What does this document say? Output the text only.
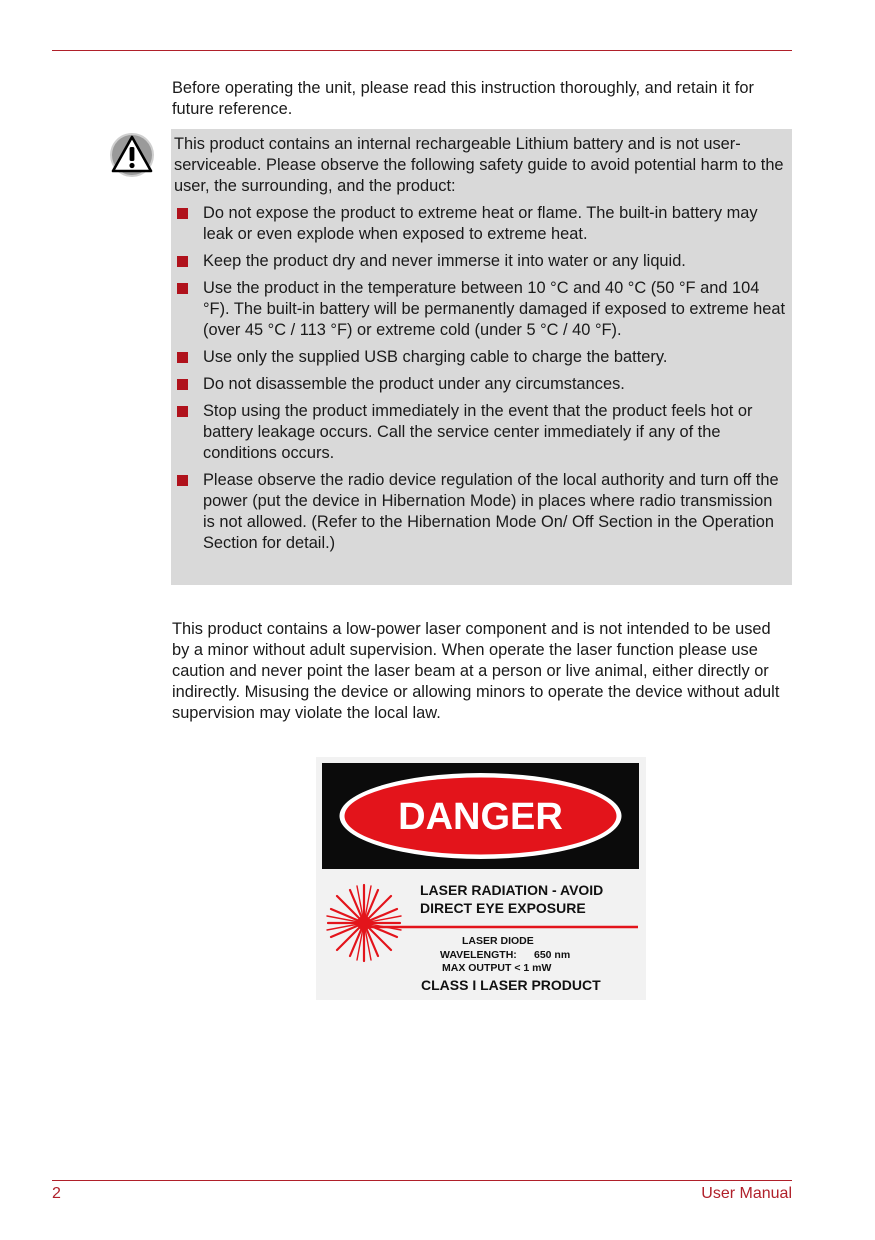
Before operating the unit, please read this instruction thoroughly, and retain it for future reference.

This product contains an internal rechargeable Lithium battery and is not user-serviceable. Please observe the following safety guide to avoid potential harm to the user, the surrounding, and the product:

Do not expose the product to extreme heat or flame. The built-in battery may leak or even explode when exposed to extreme heat.
Keep the product dry and never immerse it into water or any liquid.
Use the product in the temperature between 10 °C and 40 °C (50 °F and 104 °F). The built-in battery will be permanently damaged if exposed to extreme heat (over 45 °C / 113 °F) or extreme cold (under 5 °C / 40 °F).
Use only the supplied USB charging cable to charge the battery.
Do not disassemble the product under any circumstances.
Stop using the product immediately in the event that the product feels hot or battery leakage occurs. Call the service center immediately if any of the conditions occurs.
Please observe the radio device regulation of the local authority and turn off the power (put the device in Hibernation Mode) in places where radio transmission is not allowed. (Refer to the Hibernation Mode On/ Off Section in the Operation Section for detail.)

This product contains a low-power laser component and is not intended to be used by a minor without adult supervision. When operate the laser function please use caution and never point the laser beam at a person or live animal, either directly or indirectly. Misusing the device or allowing minors to operate the device without adult supervision may violate the local law.

DANGER
LASER RADIATION - AVOID
DIRECT EYE EXPOSURE
LASER DIODE
WAVELENGTH: 650 nm
MAX OUTPUT < 1 mW
CLASS I LASER PRODUCT
2	User Manual
